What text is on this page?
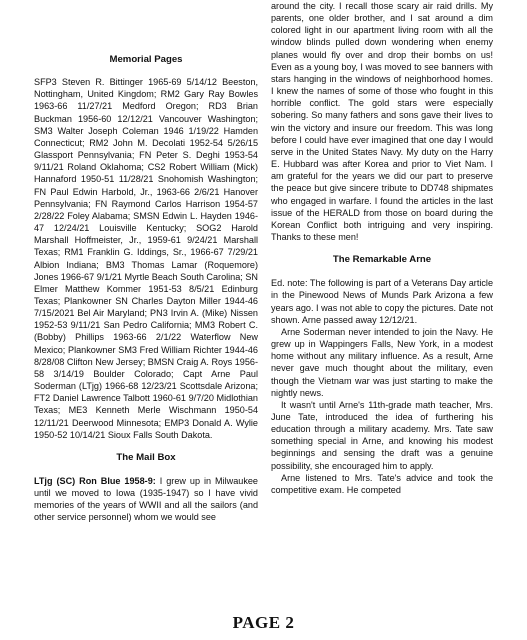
Memorial Pages

SFP3 Steven R. Bittinger 1965-69 5/14/12 Beeston, Nottingham, United Kingdom; RM2 Gary Ray Bowles 1963-66 11/27/21 Medford Oregon; RD3 Brian Buckman 1956-60 12/12/21 Vancouver Washington; SM3 Walter Joseph Coleman 1946 1/19/22 Hamden Connecticut; RM2 John M. Decolati 1952-54 5/26/15 Glassport Pennsylvania; FN Peter S. Deghi 1953-54 9/11/21 Roland Oklahoma; CS2 Robert William (Mick) Hannaford 1950-51 11/28/21 Snohomish Washington; FN Paul Edwin Harbold, Jr., 1963-66 2/6/21 Hanover Pennsylvania; FN Raymond Carlos Harrison 1954-57 2/28/22 Foley Alabama; SMSN Edwin L. Hayden 1946-47 12/24/21 Louisville Kentucky; SOG2 Harold Marshall Hoffmeister, Jr., 1959-61 9/24/21 Marshall Texas; RM1 Franklin G. Iddings, Sr., 1966-67 7/29/21 Albion Indiana; BM3 Thomas Lamar (Roquemore) Jones 1966-67 9/1/21 Myrtle Beach South Carolina; SN Elmer Matthew Kommer 1951-53 8/5/21 Edinburg Texas; Plankowner SN Charles Dayton Miller 1944-46 7/15/2021 Bel Air Maryland; PN3 Irvin A. (Mike) Nissen 1952-53 9/11/21 San Pedro California; MM3 Robert C. (Bobby) Phillips 1963-66 2/1/22 Waterflow New Mexico; Plankowner SM3 Fred William Richter 1944-46 8/28/08 Clifton New Jersey; BMSN Craig A. Roys 1956-58 3/14/19 Boulder Colorado; Capt Arne Paul Soderman (LTjg) 1966-68 12/23/21 Scottsdale Arizona; FT2 Daniel Lawrence Talbott 1960-61 9/7/20 Midlothian Texas; ME3 Kenneth Merle Wischmann 1950-54 12/11/21 Deerwood Minnesota; EMP3 Donald A. Wylie 1950-52 10/14/21 Sioux Falls South Dakota.

The Mail Box

LTjg (SC) Ron Blue 1958-9: I grew up in Milwaukee until we moved to Iowa (1935-1947) so I have vivid memories of the years of WWII and all the sailors (and other service personnel) whom we would see

around the city. I recall those scary air raid drills. My parents, one older brother, and I sat around a dim colored light in our apartment living room with all the window blinds pulled down wondering when enemy planes would fly over and drop their bombs on us! Even as a young boy, I was moved to see banners with stars hanging in the windows of neighborhood homes. I knew the names of some of those who fought in this horrible conflict. The gold stars were especially sobering. So many fathers and sons gave their lives to win the victory and insure our freedom. This was long before I could have ever imagined that one day I would serve in the United States Navy. My duty on the Harry E. Hubbard was after Korea and prior to Viet Nam. I am grateful for the years we did our part to preserve the peace but give sincere tribute to DD748 shipmates who engaged in warfare. I found the articles in the last issue of the HERALD from those on board during the Korean Conflict both intriguing and very inspiring. Thanks to these men!

The Remarkable Arne

Ed. note: The following is part of a Veterans Day article in the Pinewood News of Munds Park Arizona a few years ago. I was not able to copy the pictures. Date not shown. Arne passed away 12/12/21.

Arne Soderman never intended to join the Navy. He grew up in Wappingers Falls, New York, in a modest home without any military influence. As a result, Arne never gave much thought about the military, even though the Vietnam war was just starting to make the nightly news.

It wasn't until Arne's 11th-grade math teacher, Mrs. June Tate, introduced the idea of furthering his education through a military academy. Mrs. Tate saw something special in Arne, and knowing his modest beginnings and sensing the draft was a genuine possibility, she encouraged him to apply.

Arne listened to Mrs. Tate's advice and took the competitive exam. He competed

PAGE 2
